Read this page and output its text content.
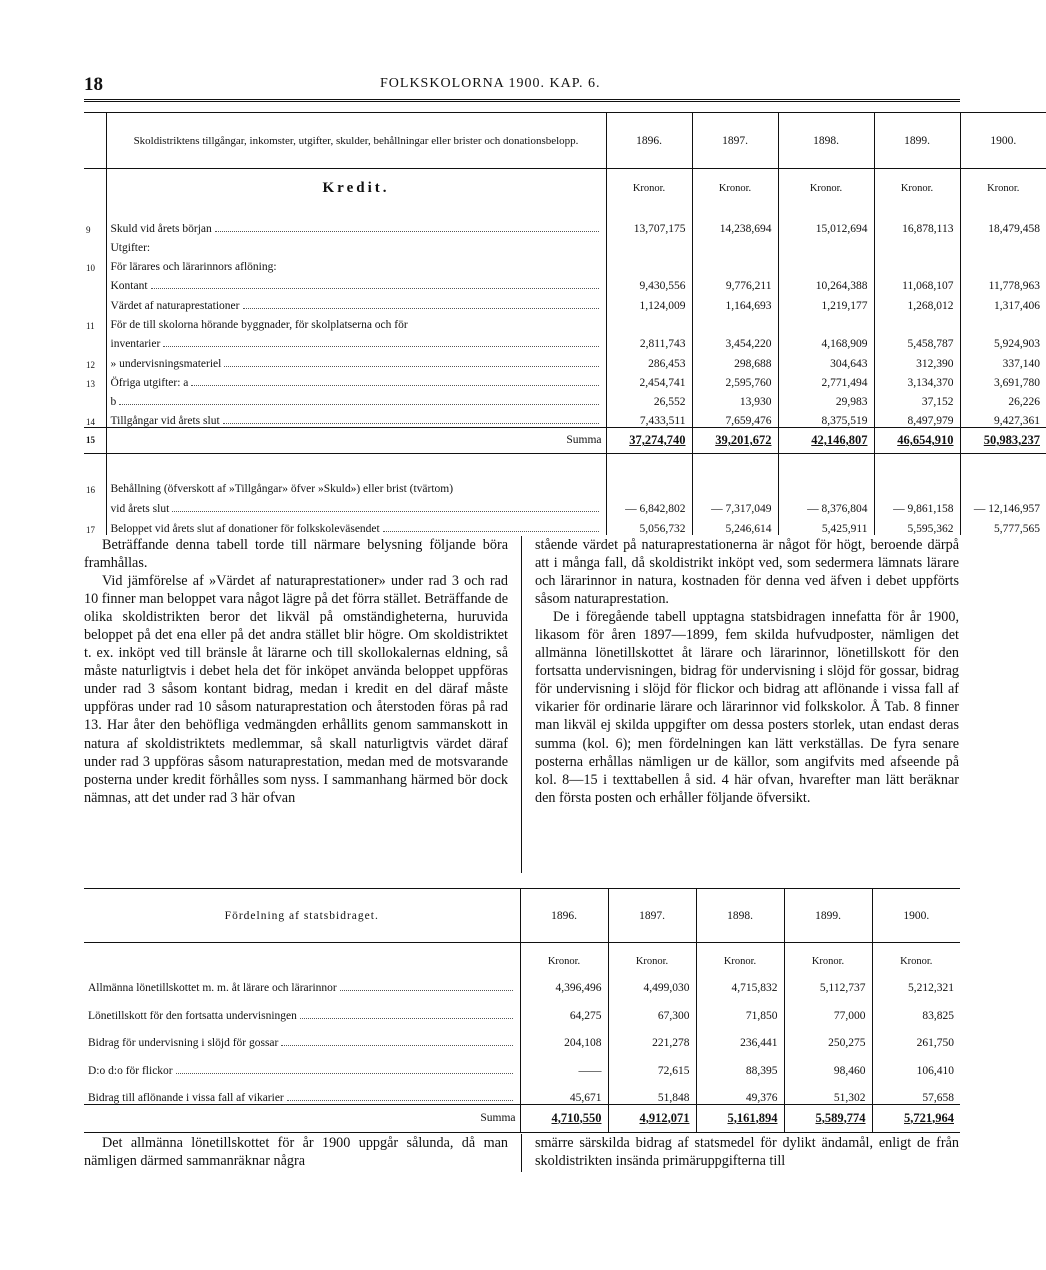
18	FOLKSKOLORNA 1900. KAP. 6.
	Skoldistriktens tillgångar, inkomster, utgifter, skulder, behållningar eller brister och donationsbelopp.	1896.	1897.	1898.	1899.	1900.
	Kredit.	Kronor.	Kronor.	Kronor.	Kronor.	Kronor.
9	Skuld vid årets början	13,707,175	14,238,694	15,012,694	16,878,113	18,479,458

	Utgifter:					

10	För lärares och lärarinnors aflöning:					

	Kontant	9,430,556	9,776,211	10,264,388	11,068,107	11,778,963

	Värdet af naturaprestationer	1,124,009	1,164,693	1,219,177	1,268,012	1,317,406
11	För de till skolorna hörande byggnader, för skolplatserna och för					

	inventarier	2,811,743	3,454,220	4,168,909	5,458,787	5,924,903
12	» undervisningsmateriel	286,453	298,688	304,643	312,390	337,140
13	Öfriga utgifter: a	2,454,741	2,595,760	2,771,494	3,134,370	3,691,780

	b	26,552	13,930	29,983	37,152	26,226
14	Tillgångar vid årets slut	7,433,511	7,659,476	8,375,519	8,497,979	9,427,361
15	Summa	37,274,740	39,201,672	42,146,807	46,654,910	50,983,237

16	Behållning (öfverskott af »Tillgångar» öfver »Skuld») eller brist (tvärtom)					

	vid årets slut	— 6,842,802	— 7,317,049	— 8,376,804	— 9,861,158	— 12,146,957
17	Beloppet vid årets slut af donationer för folkskoleväsendet	5,056,732	5,246,614	5,425,911	5,595,362	5,777,565

Beträffande denna tabell torde till närmare belysning följande böra framhållas.

Vid jämförelse af »Värdet af naturaprestationer» under rad 3 och rad 10 finner man beloppet vara något lägre på det förra stället. Beträffande de olika skoldistrikten beror det likväl på omständigheterna, huruvida beloppet på det ena eller på det andra stället blir högre. Om skoldistriktet t. ex. inköpt ved till bränsle åt lärarne och till skollokalernas eldning, så måste naturligtvis i debet hela det för inköpet använda beloppet uppföras under rad 3 såsom kontant bidrag, medan i kredit en del däraf måste uppföras under rad 10 såsom naturaprestation och återstoden föras på rad 13. Har åter den behöfliga vedmängden erhållits genom sammanskott in natura af skoldistriktets medlemmar, så skall naturligtvis värdet däraf under rad 3 uppföras såsom naturaprestation, medan med de motsvarande posterna under kredit förhålles som nyss. I sammanhang härmed bör dock nämnas, att det under rad 3 här ofvan

stående värdet på naturaprestationerna är något för högt, beroende därpå att i många fall, då skoldistrikt inköpt ved, som sedermera lämnats lärare och lärarinnor in natura, kostnaden för denna ved äfven i debet uppförts såsom naturaprestation.

De i föregående tabell upptagna statsbidragen innefatta för år 1900, likasom för åren 1897—1899, fem skilda hufvudposter, nämligen det allmänna lönetillskottet åt lärare och lärarinnor, lönetillskott för den fortsatta undervisningen, bidrag för undervisning i slöjd för gossar, bidrag för undervisning i slöjd för flickor och bidrag att aflönande i vissa fall af vikarier för ordinarie lärare och lärarinnor vid folkskolor. Å Tab. 8 finner man likväl ej skilda uppgifter om dessa posters storlek, utan endast deras summa (kol. 6); men fördelningen kan lätt verkställas. De fyra senare posterna erhållas nämligen ur de källor, som angifvits med afseende på kol. 8—15 i texttabellen å sid. 4 här ofvan, hvarefter man lätt beräknar den första posten och erhåller följande öfversikt.

Fördelning af statsbidraget.	1896.	1897.	1898.	1899.	1900.
	Kronor.	Kronor.	Kronor.	Kronor.	Kronor.

Allmänna lönetillskottet m. m. åt lärare och lärarinnor	4,396,496	4,499,030	4,715,832	5,112,737	5,212,321

Lönetillskott för den fortsatta undervisningen	64,275	67,300	71,850	77,000	83,825

Bidrag för undervisning i slöjd för gossar	204,108	221,278	236,441	250,275	261,750

D:o d:o för flickor	——	72,615	88,395	98,460	106,410

Bidrag till aflönande i vissa fall af vikarier	45,671	51,848	49,376	51,302	57,658
Summa	4,710,550	4,912,071	5,161,894	5,589,774	5,721,964

Det allmänna lönetillskottet för år 1900 uppgår sålunda, då man nämligen därmed sammanräknar några

smärre särskilda bidrag af statsmedel för dylikt ändamål, enligt de från skoldistrikten insända primäruppgifterna till
